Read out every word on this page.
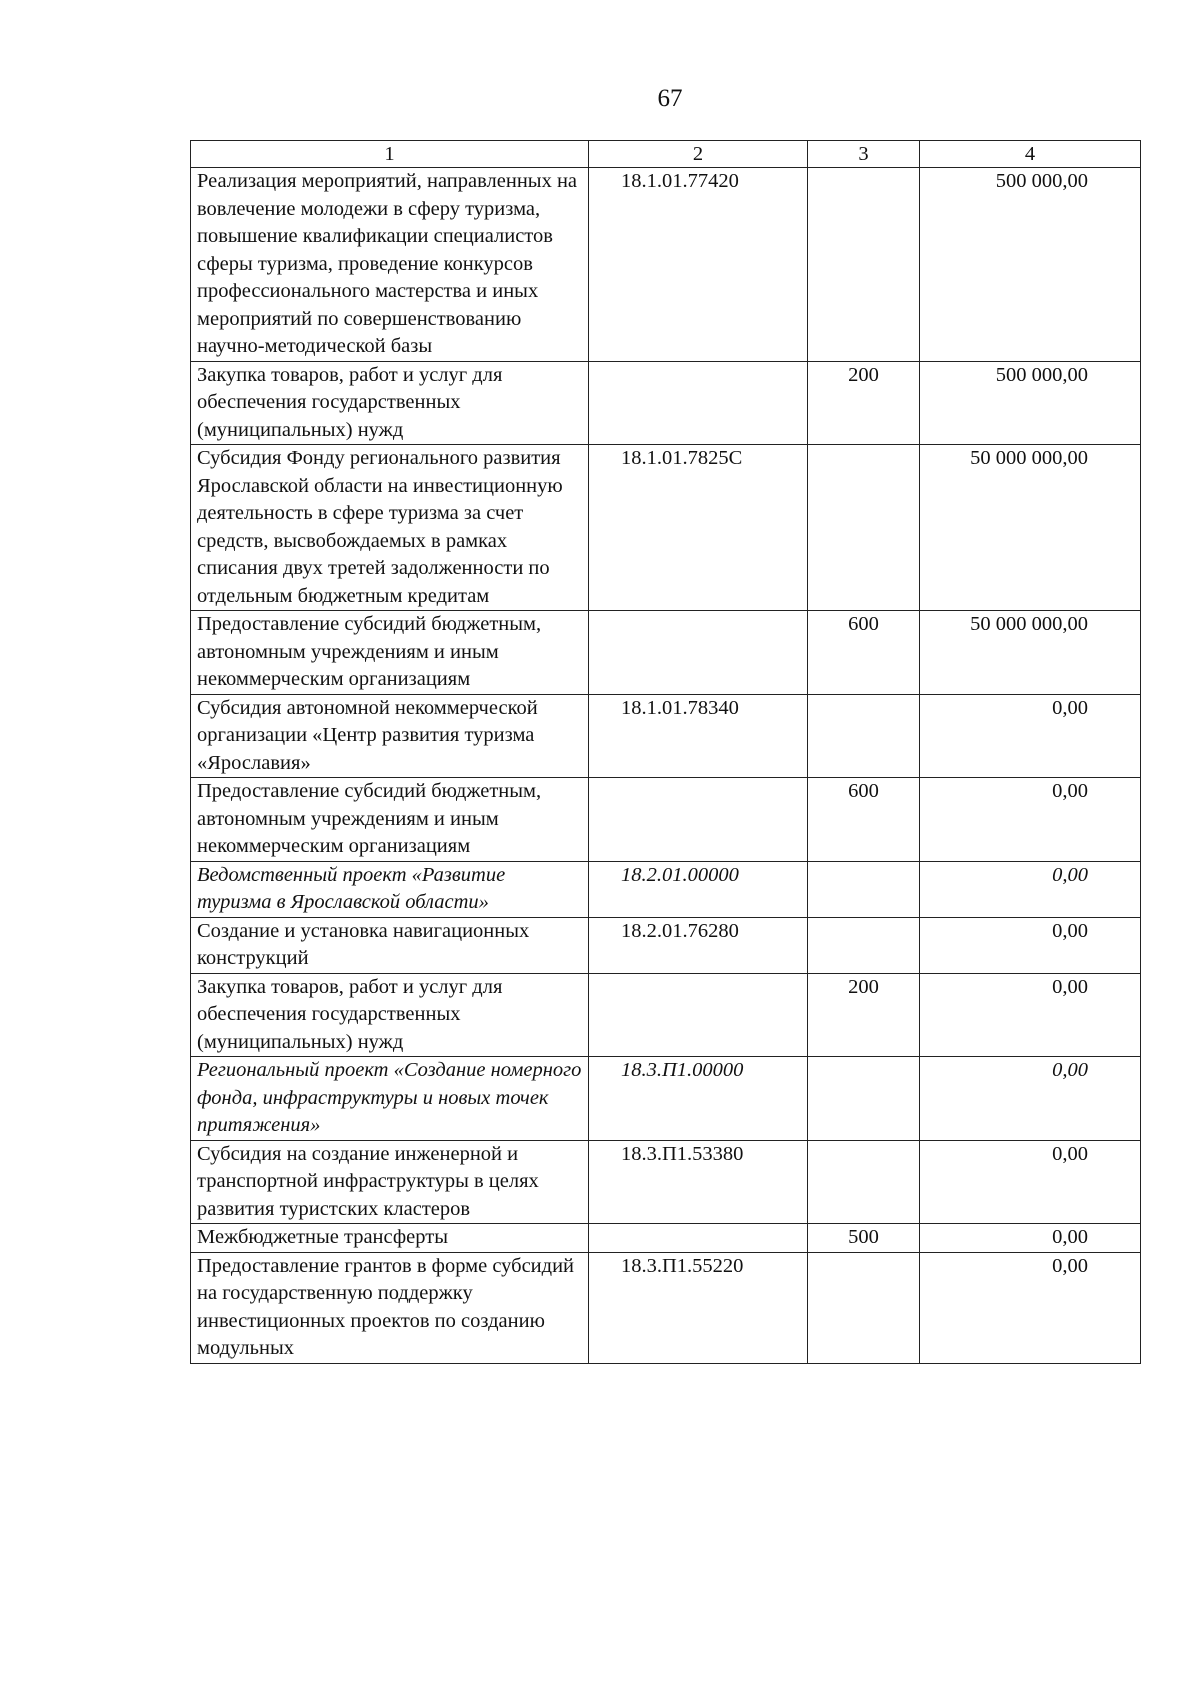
67
1	2	3	4
Реализация мероприятий, направленных на вовлечение молодежи в сферу туризма, повышение квалификации специалистов сферы туризма, проведение конкурсов профессионального мастерства и иных мероприятий по совершенствованию научно-методической базы	18.1.01.77420		500 000,00
Закупка товаров, работ и услуг для обеспечения государственных (муниципальных) нужд		200	500 000,00
Субсидия Фонду регионального развития Ярославской области на инвестиционную деятельность в сфере туризма за счет средств, высвобождаемых в рамках списания двух третей задолженности по отдельным бюджетным кредитам	18.1.01.7825С		50 000 000,00
Предоставление субсидий бюджетным, автономным учреждениям и иным некоммерческим организациям		600	50 000 000,00
Субсидия автономной некоммерческой организации «Центр развития туризма «Ярославия»	18.1.01.78340		0,00
Предоставление субсидий бюджетным, автономным учреждениям и иным некоммерческим организациям		600	0,00
Ведомственный проект «Развитие туризма в Ярославской области»	18.2.01.00000		0,00
Создание и установка навигационных конструкций	18.2.01.76280		0,00
Закупка товаров, работ и услуг для обеспечения государственных (муниципальных) нужд		200	0,00
Региональный проект «Создание номерного фонда, инфраструктуры и новых точек притяжения»	18.3.П1.00000		0,00
Субсидия на создание инженерной и транспортной инфраструктуры в целях развития туристских кластеров	18.3.П1.53380		0,00
Межбюджетные трансферты		500	0,00
Предоставление грантов в форме субсидий на государственную поддержку инвестиционных проектов по созданию модульных	18.3.П1.55220		0,00
